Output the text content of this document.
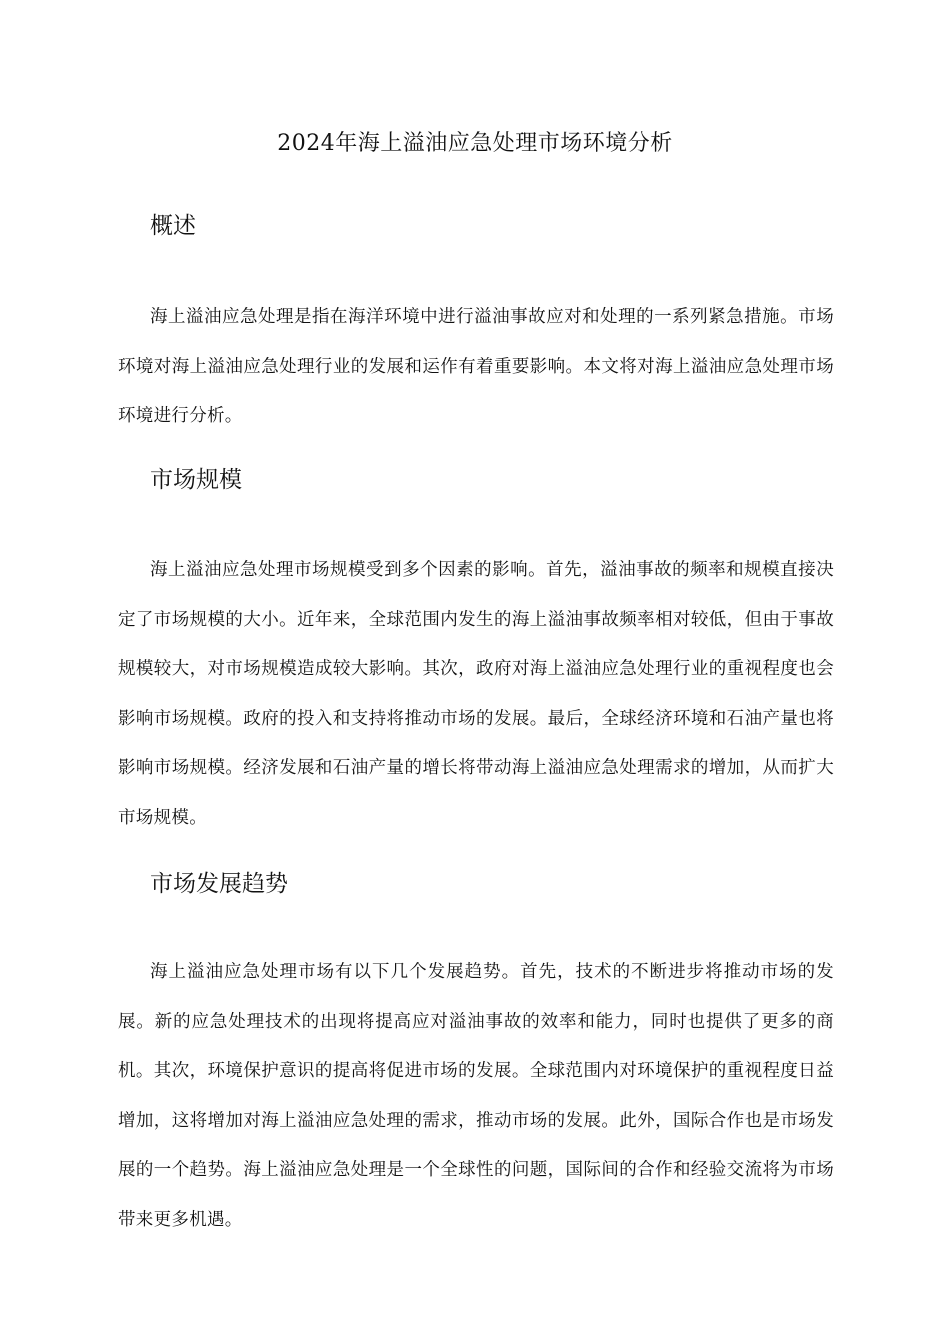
2024年海上溢油应急处理市场环境分析
概述

海上溢油应急处理是指在海洋环境中进行溢油事故应对和处理的一系列紧急措施。市场环境对海上溢油应急处理行业的发展和运作有着重要影响。本文将对海上溢油应急处理市场环境进行分析。

市场规模

海上溢油应急处理市场规模受到多个因素的影响。首先，溢油事故的频率和规模直接决定了市场规模的大小。近年来，全球范围内发生的海上溢油事故频率相对较低，但由于事故规模较大，对市场规模造成较大影响。其次，政府对海上溢油应急处理行业的重视程度也会影响市场规模。政府的投入和支持将推动市场的发展。最后，全球经济环境和石油产量也将影响市场规模。经济发展和石油产量的增长将带动海上溢油应急处理需求的增加，从而扩大市场规模。

市场发展趋势

海上溢油应急处理市场有以下几个发展趋势。首先，技术的不断进步将推动市场的发展。新的应急处理技术的出现将提高应对溢油事故的效率和能力，同时也提供了更多的商机。其次，环境保护意识的提高将促进市场的发展。全球范围内对环境保护的重视程度日益增加，这将增加对海上溢油应急处理的需求，推动市场的发展。此外，国际合作也是市场发展的一个趋势。海上溢油应急处理是一个全球性的问题，国际间的合作和经验交流将为市场带来更多机遇。
